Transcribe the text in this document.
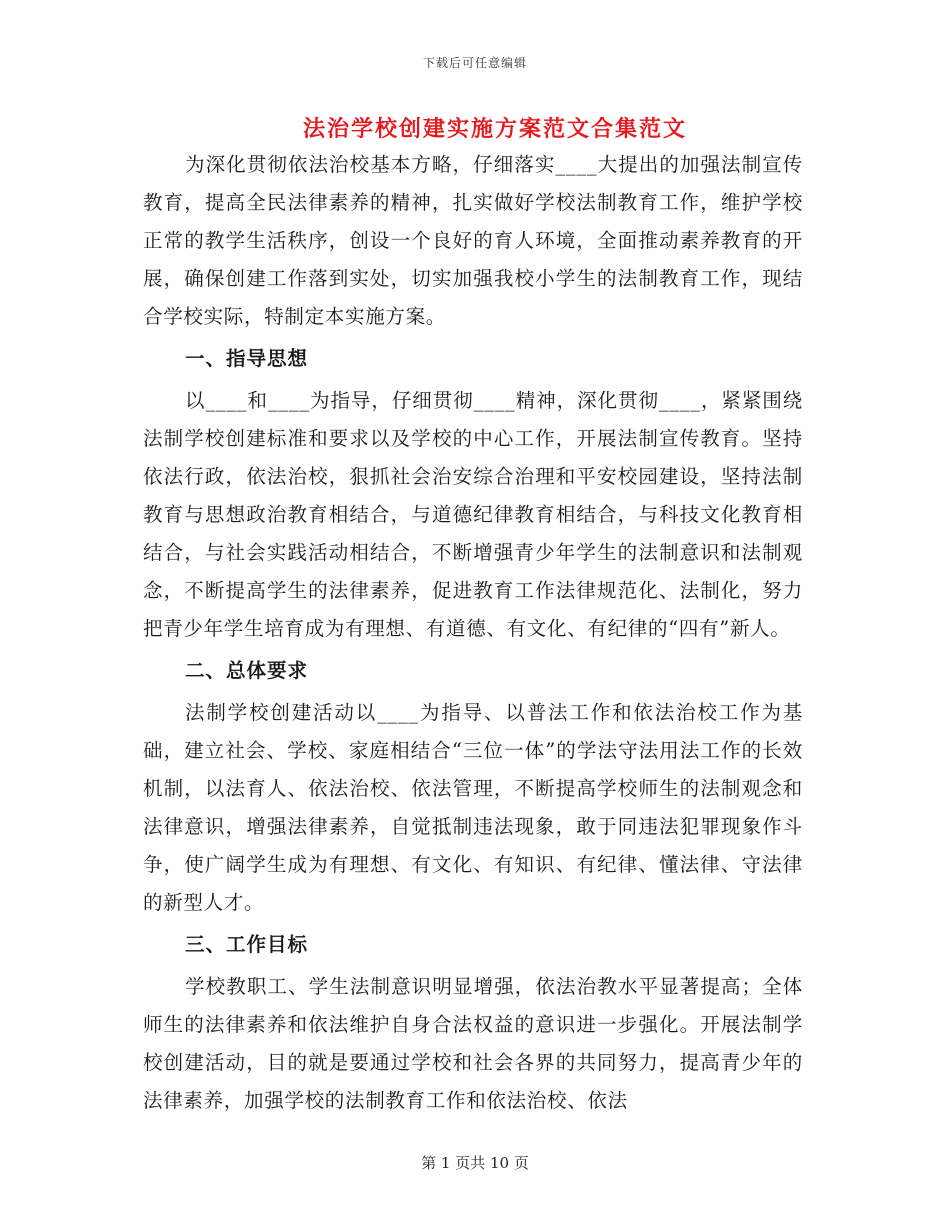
下载后可任意编辑
法治学校创建实施方案范文合集范文

为深化贯彻依法治校基本方略，仔细落实____大提出的加强法制宣传教育，提高全民法律素养的精神，扎实做好学校法制教育工作，维护学校正常的教学生活秩序，创设一个良好的育人环境，全面推动素养教育的开展，确保创建工作落到实处，切实加强我校小学生的法制教育工作，现结合学校实际，特制定本实施方案。

一、指导思想

以____和____为指导，仔细贯彻____精神，深化贯彻____，紧紧围绕法制学校创建标准和要求以及学校的中心工作，开展法制宣传教育。坚持依法行政，依法治校，狠抓社会治安综合治理和平安校园建设，坚持法制教育与思想政治教育相结合，与道德纪律教育相结合，与科技文化教育相结合，与社会实践活动相结合，不断增强青少年学生的法制意识和法制观念，不断提高学生的法律素养，促进教育工作法律规范化、法制化，努力把青少年学生培育成为有理想、有道德、有文化、有纪律的“四有”新人。

二、总体要求

法制学校创建活动以____为指导、以普法工作和依法治校工作为基础，建立社会、学校、家庭相结合“三位一体”的学法守法用法工作的长效机制，以法育人、依法治校、依法管理，不断提高学校师生的法制观念和法律意识，增强法律素养，自觉抵制违法现象，敢于同违法犯罪现象作斗争，使广阔学生成为有理想、有文化、有知识、有纪律、懂法律、守法律的新型人才。

三、工作目标

学校教职工、学生法制意识明显增强，依法治教水平显著提高；全体师生的法律素养和依法维护自身合法权益的意识进一步强化。开展法制学校创建活动，目的就是要通过学校和社会各界的共同努力，提高青少年的法律素养，加强学校的法制教育工作和依法治校、依法

第 1 页共 10 页
